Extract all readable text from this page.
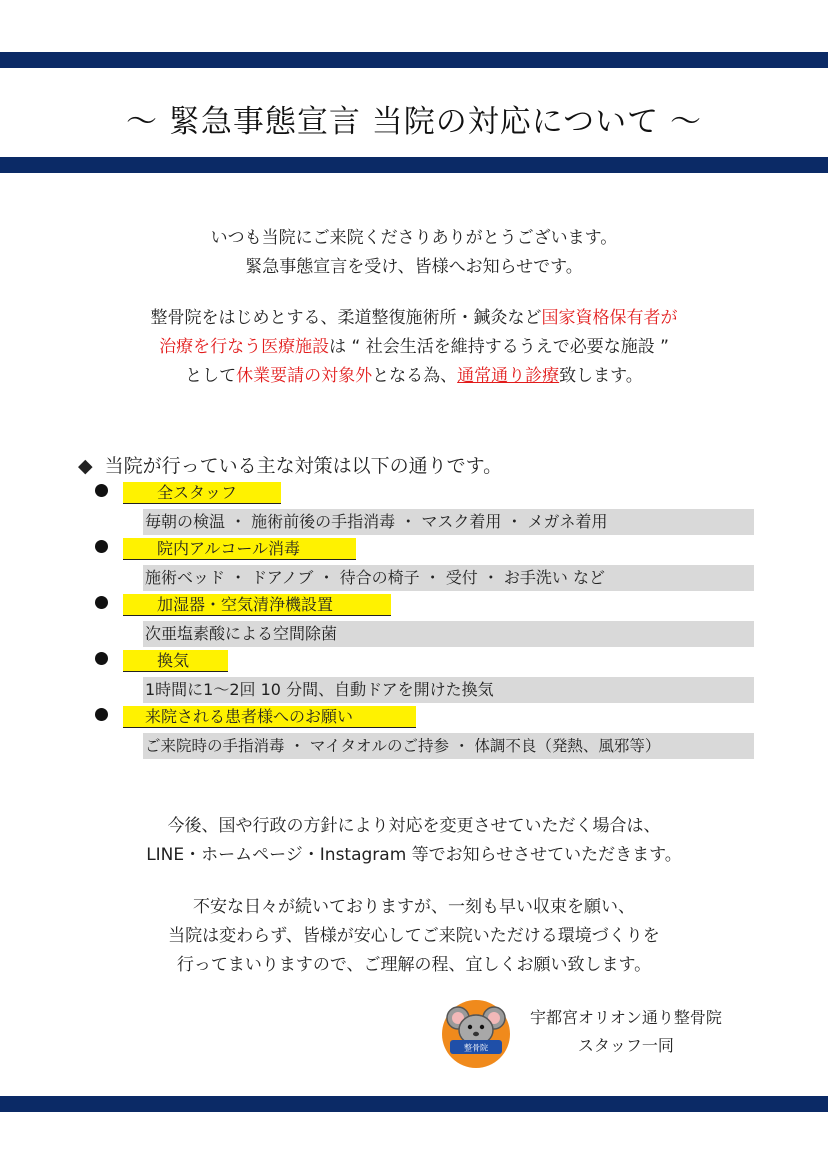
～ 緊急事態宣言 当院の対応について ～
いつも当院にご来院くださりありがとうございます。
緊急事態宣言を受け、皆様へお知らせです。
整骨院をはじめとする、柔道整復施術所・鍼灸など国家資格保有者が
治療を行なう医療施設は “ 社会生活を維持するうえで必要な施設 ”
として休業要請の対象外となる為、通常通り診療致します。
◆ 当院が行っている主な対策は以下の通りです。
全スタッフ
毎朝の検温 ・ 施術前後の手指消毒 ・ マスク着用 ・ メガネ着用
院内アルコール消毒
施術ベッド ・ ドアノブ ・ 待合の椅子 ・ 受付 ・ お手洗い など
加湿器・空気清浄機設置
次亜塩素酸による空間除菌
換気
1時間に1～2回 10 分間、自動ドアを開けた換気
来院される患者様へのお願い
ご来院時の手指消毒 ・ マイタオルのご持参 ・ 体調不良（発熱、風邪等）
今後、国や行政の方針により対応を変更させていただく場合は、
LINE・ホームページ・Instagram 等でお知らせさせていただきます。
不安な日々が続いておりますが、一刻も早い収束を願い、
当院は変わらず、皆様が安心してご来院いただける環境づくりを
行ってまいりますので、ご理解の程、宜しくお願い致します。
整骨院
宇都宮オリオン通り整骨院
スタッフ一同
